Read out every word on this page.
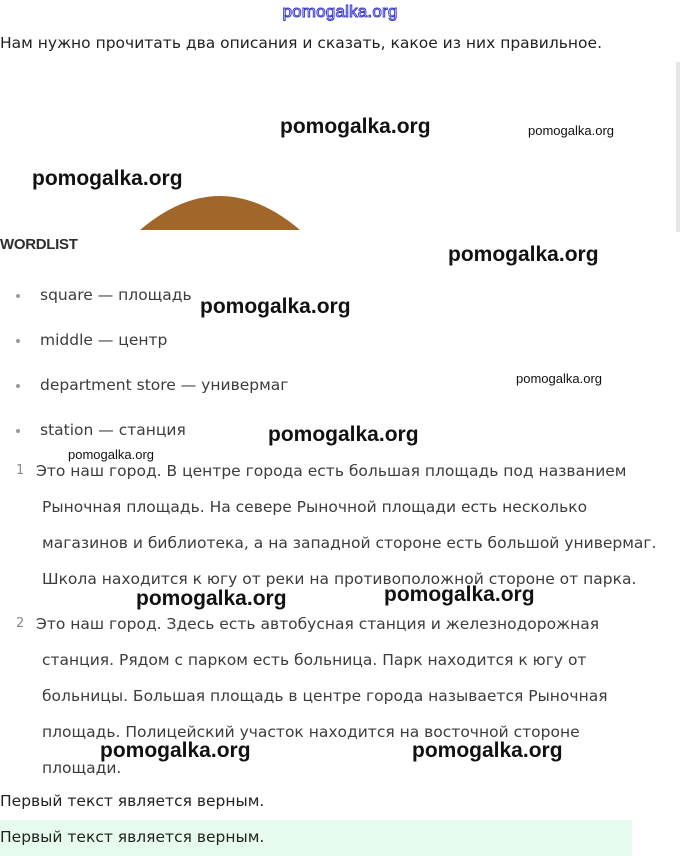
pomogalka.org
Нам нужно прочитать два описания и сказать, какое из них правильное.
WORDLIST
square — площадь
middle — центр
department store — универмаг
station — станция
1 Это наш город. В центре города есть большая площадь под названием
Рыночная площадь. На севере Рыночной площади есть несколько
магазинов и библиотека, а на западной стороне есть большой универмаг.
Школа находится к югу от реки на противоположной стороне от парка.
2 Это наш город. Здесь есть автобусная станция и железнодорожная
станция. Рядом с парком есть больница. Парк находится к югу от
больницы. Большая площадь в центре города называется Рыночная
площадь. Полицейский участок находится на восточной стороне
площади.
Первый текст является верным.
Первый текст является верным.
pomogalka.org	pomogalka.org
pomogalka.org
pomogalka.org
pomogalka.org
pomogalka.org
pomogalka.org
pomogalka.org
pomogalka.org	pomogalka.org
pomogalka.org	pomogalka.org
